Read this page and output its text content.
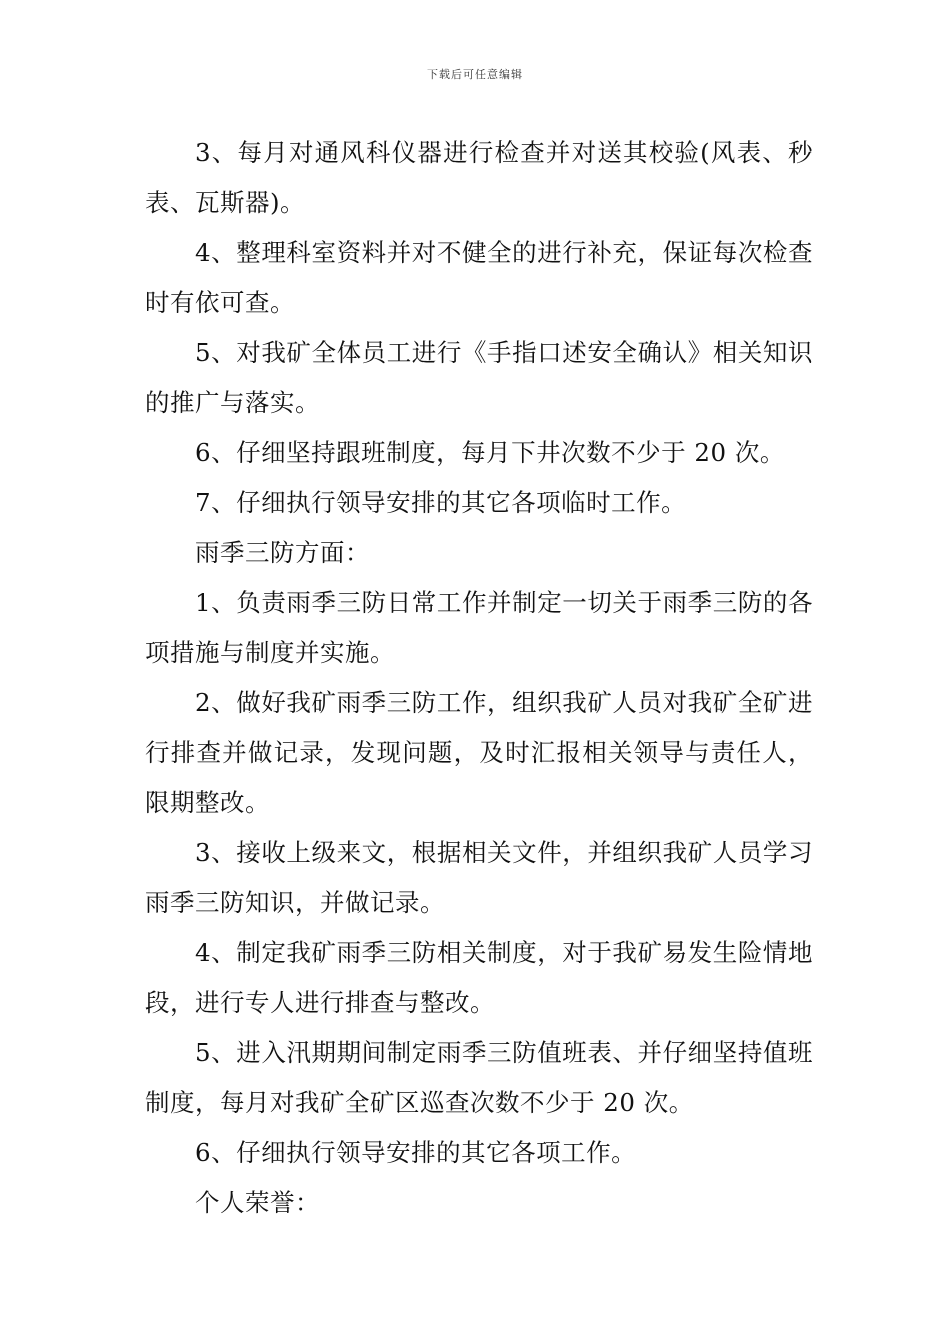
下载后可任意编辑

3、每月对通风科仪器进行检查并对送其校验(风表、秒表、瓦斯器)。

4、整理科室资料并对不健全的进行补充，保证每次检查时有依可查。

5、对我矿全体员工进行《手指口述安全确认》相关知识的推广与落实。

6、仔细坚持跟班制度，每月下井次数不少于 20 次。

7、仔细执行领导安排的其它各项临时工作。

雨季三防方面：

1、负责雨季三防日常工作并制定一切关于雨季三防的各项措施与制度并实施。

2、做好我矿雨季三防工作，组织我矿人员对我矿全矿进行排查并做记录，发现问题，及时汇报相关领导与责任人，限期整改。

3、接收上级来文，根据相关文件，并组织我矿人员学习雨季三防知识，并做记录。

4、制定我矿雨季三防相关制度，对于我矿易发生险情地段，进行专人进行排查与整改。

5、进入汛期期间制定雨季三防值班表、并仔细坚持值班制度，每月对我矿全矿区巡查次数不少于 20 次。

6、仔细执行领导安排的其它各项工作。

个人荣誉：
